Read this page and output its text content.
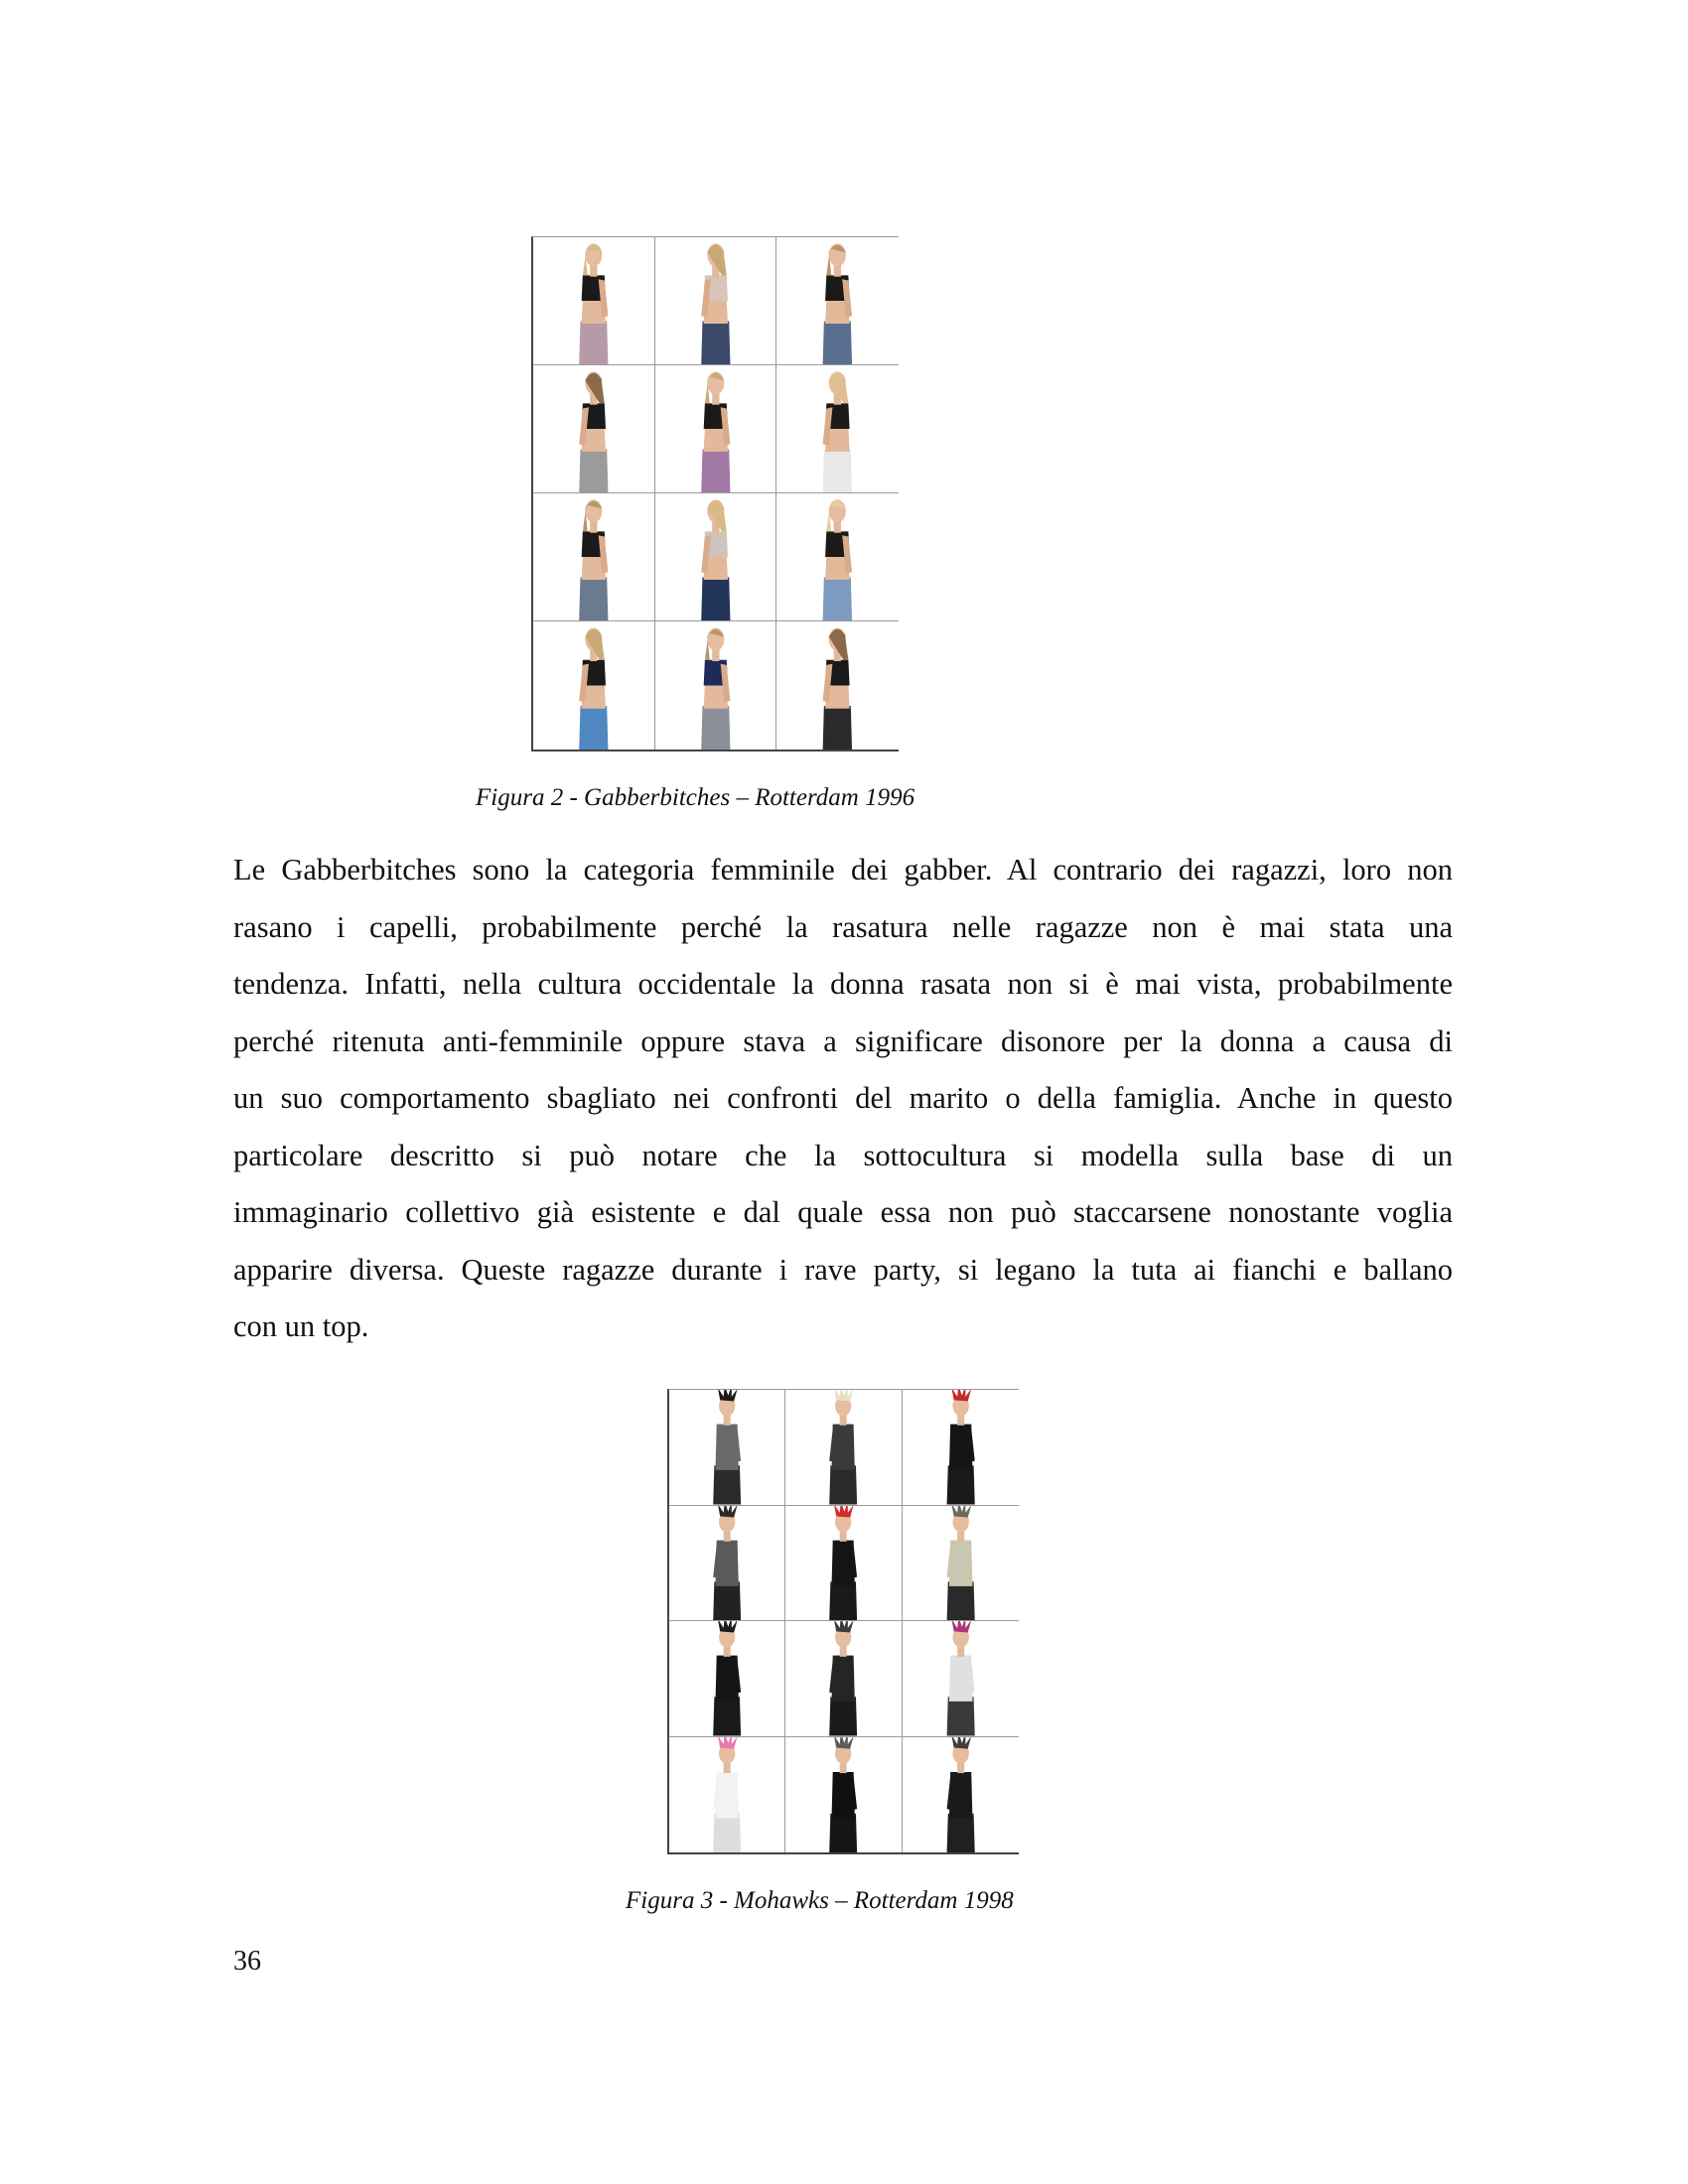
Figura 2 - Gabberbitches – Rotterdam 1996
Le Gabberbitches sono la categoria femminile dei gabber. Al contrario dei ragazzi, loro non
rasano i capelli, probabilmente perché la rasatura nelle ragazze non è mai stata una
tendenza. Infatti, nella cultura occidentale la donna rasata non si è mai vista, probabilmente
perché ritenuta anti-femminile oppure stava a significare disonore per la donna a causa di
un suo comportamento sbagliato nei confronti del marito o della famiglia. Anche in questo
particolare descritto si può notare che la sottocultura si modella sulla base di un
immaginario collettivo già esistente e dal quale essa non può staccarsene nonostante voglia
apparire diversa. Queste ragazze durante i rave party, si legano la tuta ai fianchi e ballano
con un top.
Figura 3 - Mohawks – Rotterdam 1998
36
